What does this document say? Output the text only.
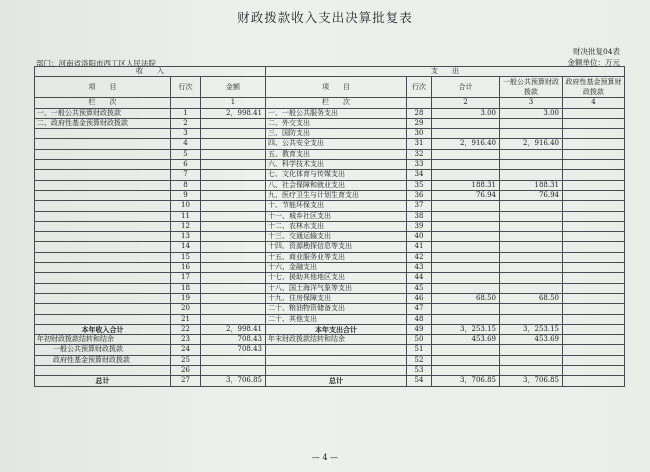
财政拨款收入支出决算批复表
财决批复04表
金额单位：万元
部门：河南省洛阳市西工区人民法院
收　　入			支　　出				
项　　目	行次	金额	项　　目	行次	合计	一般公共预算财政拨款	政府性基金预算财政拨款
栏　　次		1	栏　　次		2	3	4
一、一般公共预算财政拨款	1	2，998.41	一、一般公共服务支出	28	3.00	3.00	
二、政府性基金预算财政拨款	2		二、外交支出	29			
	3		三、国防支出	30			
	4		四、公共安全支出	31	2，916.40	2，916.40	
	5		五、教育支出	32			
	6		六、科学技术支出	33			
	7		七、文化体育与传媒支出	34			
	8		八、社会保障和就业支出	35	188.31	188.31	
	9		九、医疗卫生与计划生育支出	36	76.94	76.94	
	10		十、节能环保支出	37			
	11		十一、城乡社区支出	38			
	12		十二、农林水支出	39			
	13		十三、交通运输支出	40			
	14		十四、资源勘探信息等支出	41			
	15		十五、商业服务业等支出	42			
	16		十六、金融支出	43			
	17		十七、援助其他地区支出	44			
	18		十八、国土海洋气象等支出	45			
	19		十九、住房保障支出	46	68.50	68.50	
	20		二十、粮油物资储备支出	47			
	21		二十、其他支出	48			
本年收入合计	22	2，998.41	本年支出合计	49	3，253.15	3，253.15	
年初财政拨款结转和结余	23	708.43	年末财政拨款结转和结余	50	453.69	453.69	
一般公共预算财政拨款	24	708.43		51			
政府性基金预算财政拨款	25			52			
	26			53			
总计	27	3，706.85	总计	54	3，706.85	3，706.85	
— 4 —
